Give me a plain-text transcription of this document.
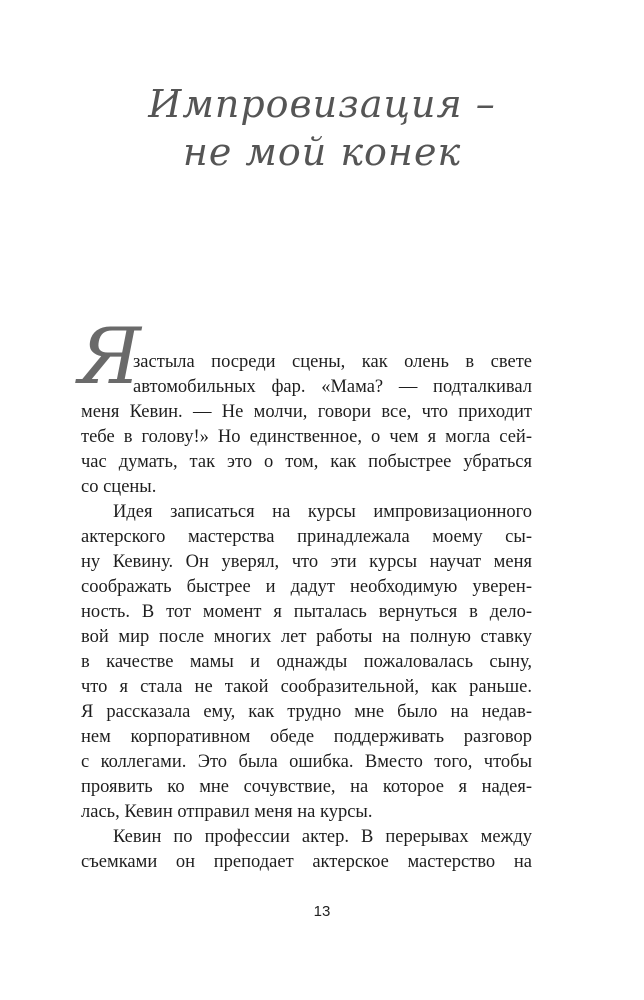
Импровизация –
не мой конек
Я
застыла посреди сцены, как олень в свете
автомобильных фар. «Мама? — подталкивал
меня Кевин. — Не молчи, говори все, что приходит
тебе в голову!» Но единственное, о чем я могла сей-
час думать, так это о том, как побыстрее убраться
со сцены.
Идея записаться на курсы импровизационного
актерского мастерства принадлежала моему сы-
ну Кевину. Он уверял, что эти курсы научат меня
соображать быстрее и дадут необходимую уверен-
ность. В тот момент я пыталась вернуться в дело-
вой мир после многих лет работы на полную ставку
в качестве мамы и однажды пожаловалась сыну,
что я стала не такой сообразительной, как раньше.
Я рассказала ему, как трудно мне было на недав-
нем корпоративном обеде поддерживать разговор
с коллегами. Это была ошибка. Вместо того, чтобы
проявить ко мне сочувствие, на которое я надея-
лась, Кевин отправил меня на курсы.
Кевин по профессии актер. В перерывах между
съемками он преподает актерское мастерство на
13
